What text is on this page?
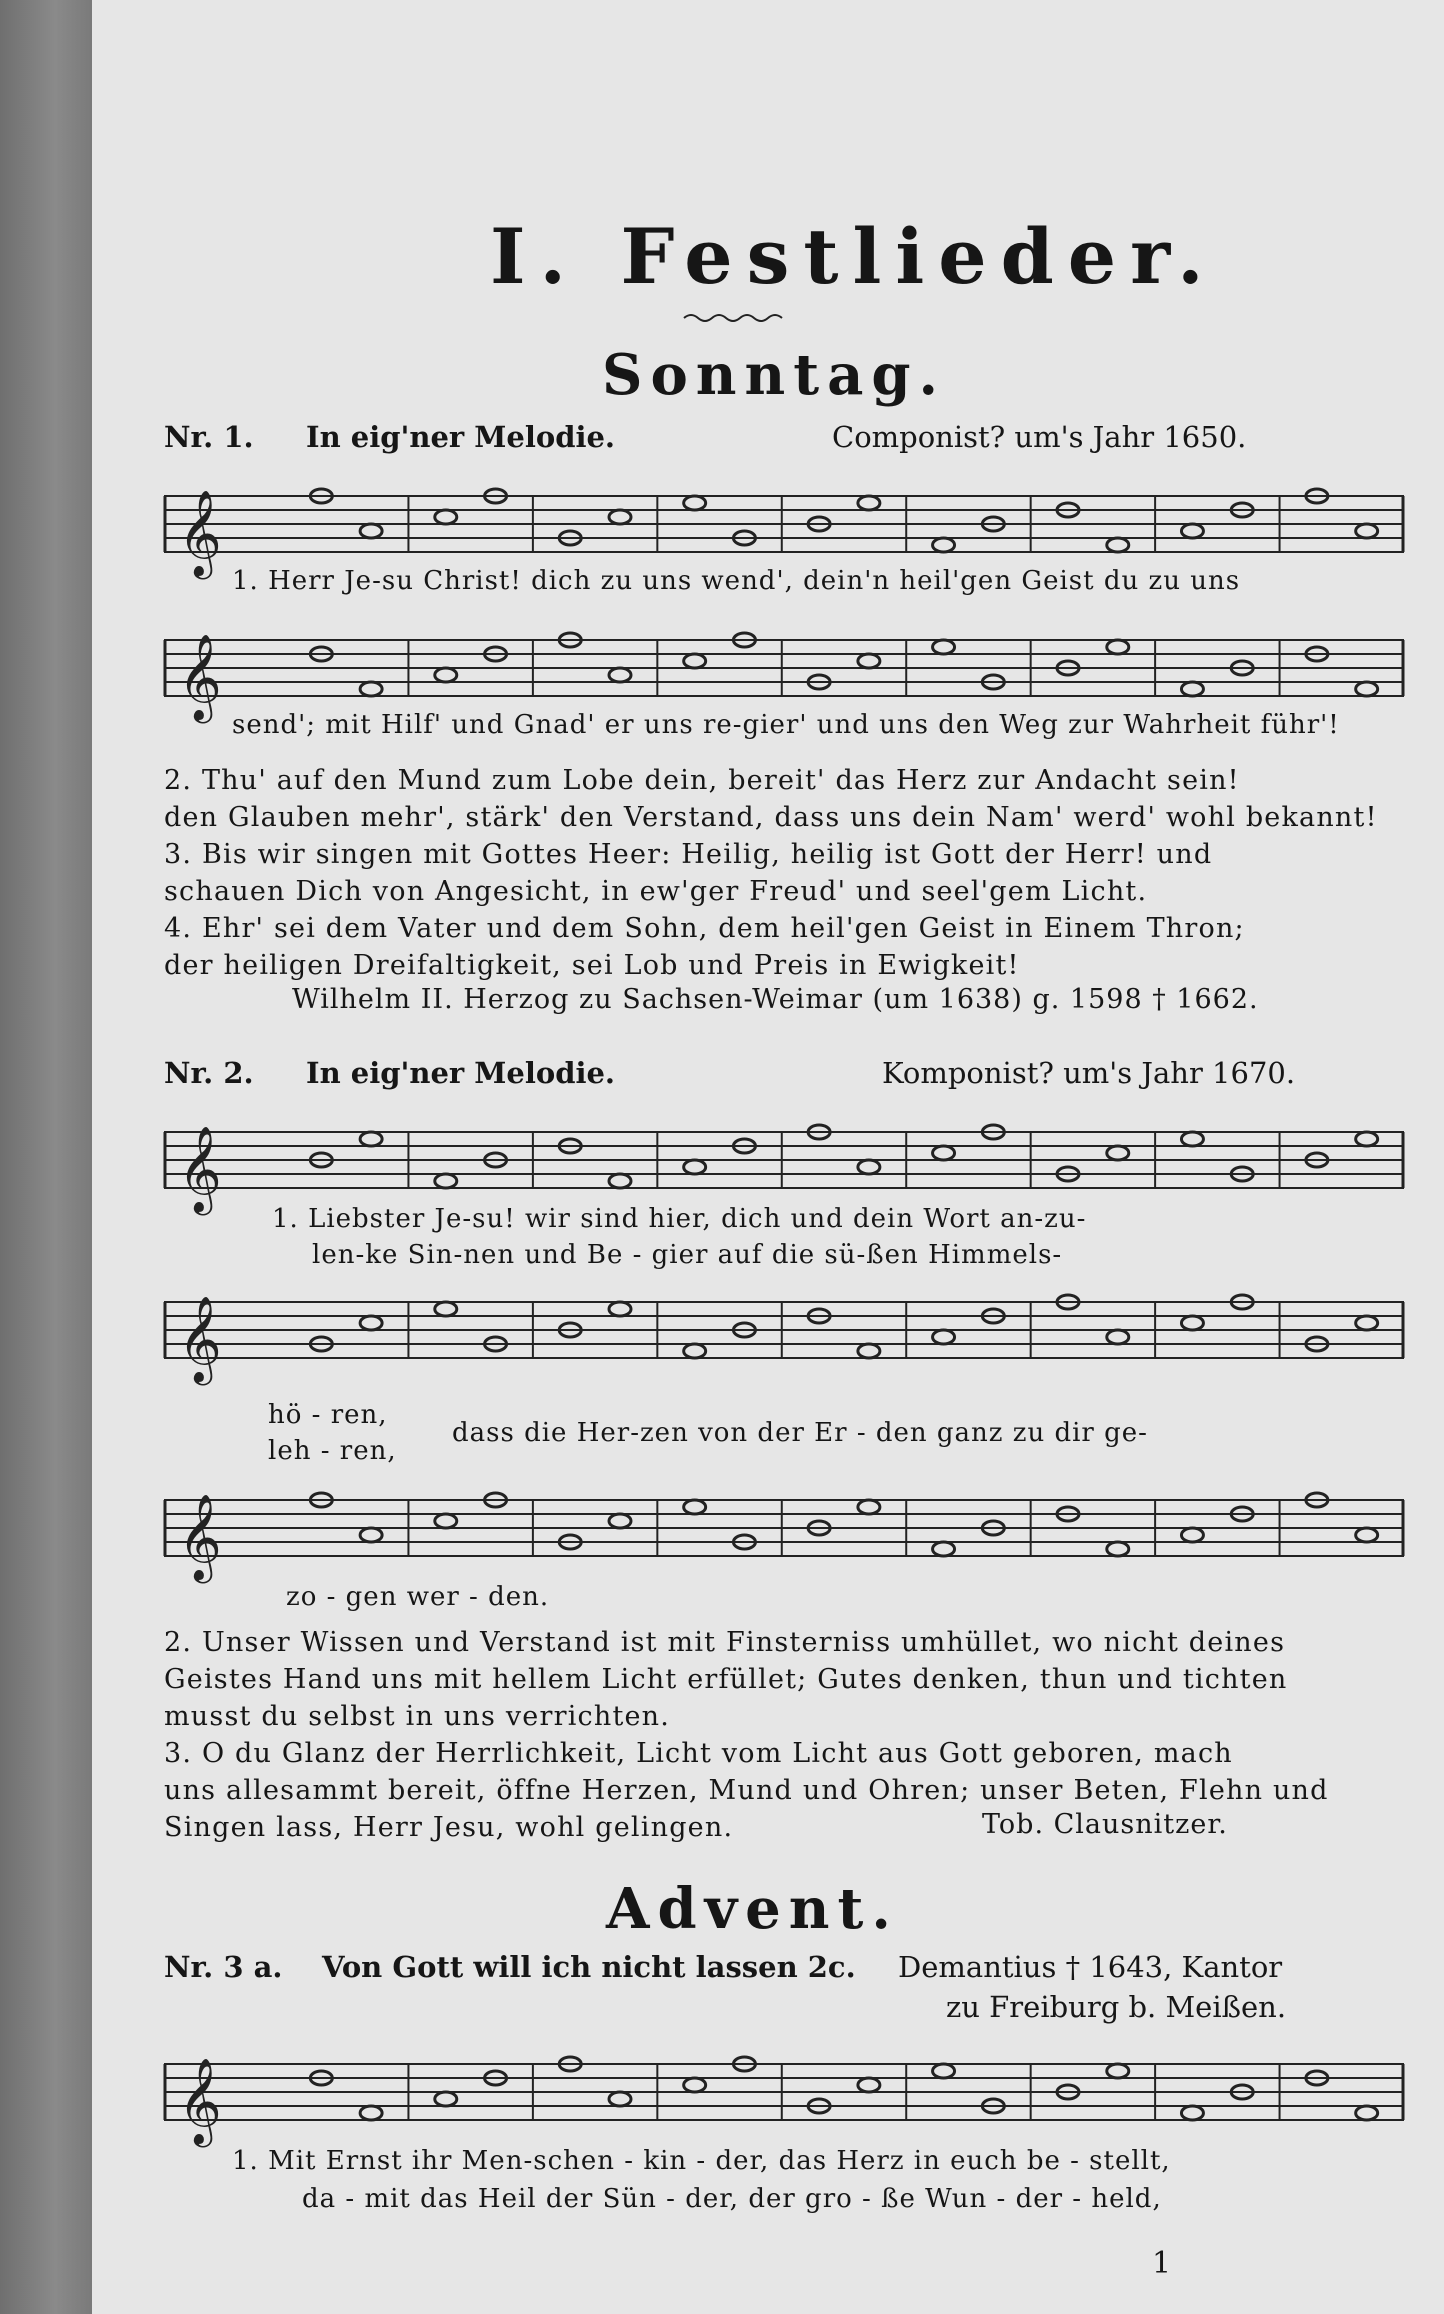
I. Festlieder.
Sonntag.
Nr. 1. In eig'ner Melodie.	Componist? um's Jahr 1650.
𝄞
1. Herr Je-su Christ! dich zu uns wend', dein'n heil'gen Geist du zu uns
𝄞
send'; mit Hilf' und Gnad' er uns re-gier' und uns den Weg zur Wahrheit führ'!
2. Thu' auf den Mund zum Lobe dein, bereit' das Herz zur Andacht sein!
den Glauben mehr', stärk' den Verstand, dass uns dein Nam' werd' wohl bekannt!
3. Bis wir singen mit Gottes Heer: Heilig, heilig ist Gott der Herr! und
schauen Dich von Angesicht, in ew'ger Freud' und seel'gem Licht.
4. Ehr' sei dem Vater und dem Sohn, dem heil'gen Geist in Einem Thron;
der heiligen Dreifaltigkeit, sei Lob und Preis in Ewigkeit!
Wilhelm II. Herzog zu Sachsen-Weimar (um 1638) g. 1598 † 1662.
Nr. 2. In eig'ner Melodie.	Komponist? um's Jahr 1670.
𝄞
1. Liebster Je-su! wir sind hier, dich und dein Wort an-zu-
len-ke Sin-nen und Be - gier auf die sü-ßen Himmels-
𝄞
hö - ren,
leh - ren,
dass die Her-zen von der Er - den ganz zu dir ge-
𝄞
zo - gen wer - den.
2. Unser Wissen und Verstand ist mit Finsterniss umhüllet, wo nicht deines
Geistes Hand uns mit hellem Licht erfüllet; Gutes denken, thun und tichten
musst du selbst in uns verrichten.
3. O du Glanz der Herrlichkeit, Licht vom Licht aus Gott geboren, mach
uns allesammt bereit, öffne Herzen, Mund und Ohren; unser Beten, Flehn und
Singen lass, Herr Jesu, wohl gelingen.	Tob. Clausnitzer.
Advent.
Nr. 3 a. Von Gott will ich nicht lassen 2c. Demantius † 1643, Kantor
zu Freiburg b. Meißen.
𝄞
1. Mit Ernst ihr Men-schen - kin - der, das Herz in euch be - stellt,
da - mit das Heil der Sün - der, der gro - ße Wun - der - held,
1
